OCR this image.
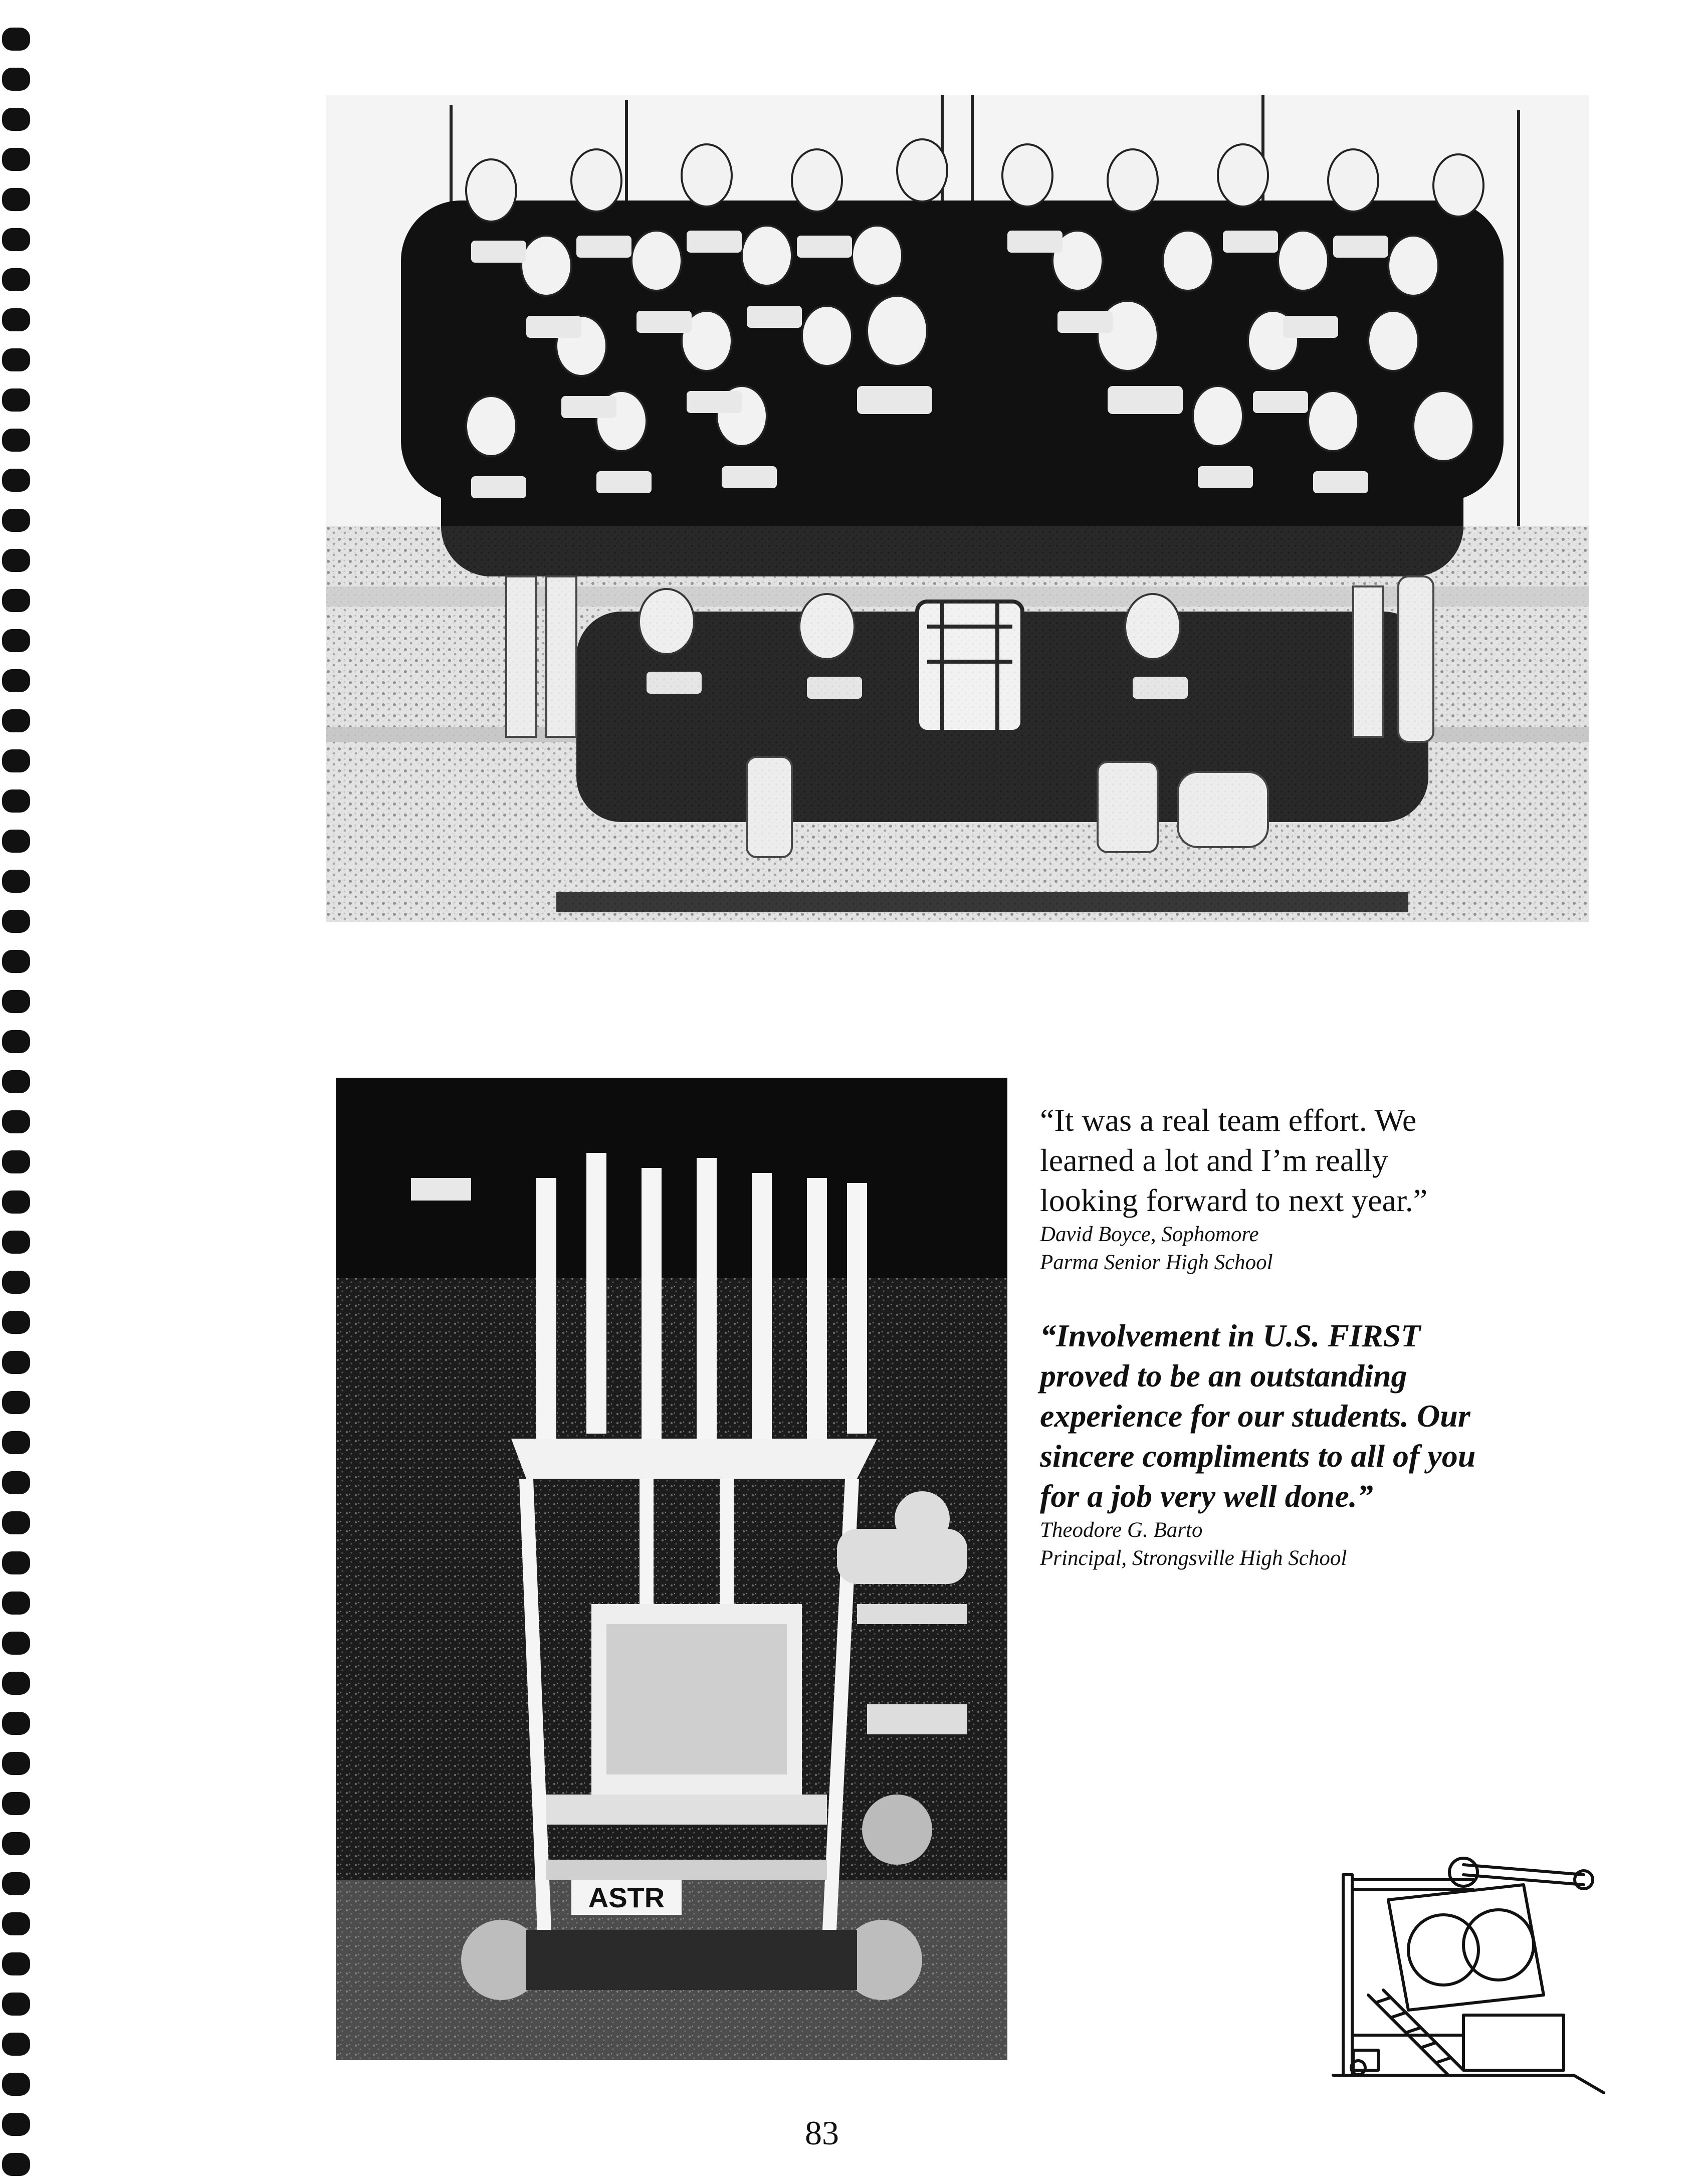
ASTR

“It was a real team effort. We
learned a lot and I’m really
looking forward to next year.”

David Boyce, Sophomore
Parma Senior High School

“Involvement in U.S. FIRST
proved to be an outstanding
experience for our students. Our
sincere compliments to all of you
for a job very well done.”

Theodore G. Barto
Principal, Strongsville High School

83
